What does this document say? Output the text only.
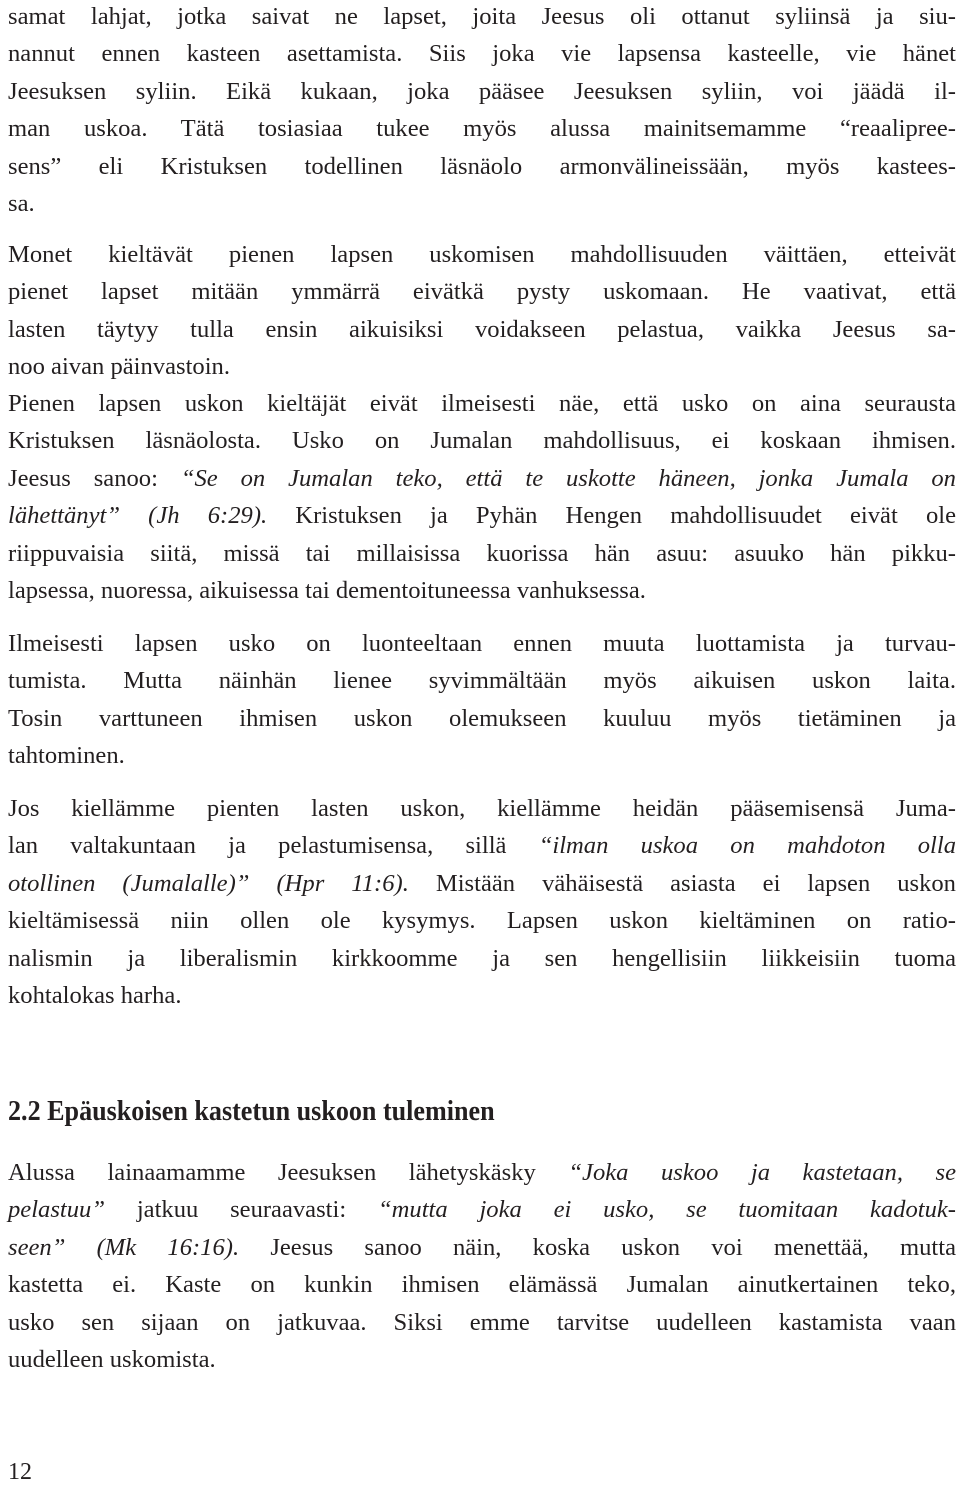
samat lahjat, jotka saivat ne lapset, joita Jeesus oli ottanut syliinsä ja siu-
nannut ennen kasteen asettamista. Siis joka vie lapsensa kasteelle, vie hänet
Jeesuksen syliin. Eikä kukaan, joka pääsee Jeesuksen syliin, voi jäädä il-
man uskoa. Tätä tosiasiaa tukee myös alussa mainitsemamme “reaalipree-
sens” eli Kristuksen todellinen läsnäolo armonvälineissään, myös kastees-
sa.
Monet kieltävät pienen lapsen uskomisen mahdollisuuden väittäen, etteivät
pienet lapset mitään ymmärrä eivätkä pysty uskomaan. He vaativat, että
lasten täytyy tulla ensin aikuisiksi voidakseen pelastua, vaikka Jeesus sa-
noo aivan päinvastoin.
Pienen lapsen uskon kieltäjät eivät ilmeisesti näe, että usko on aina seurausta
Kristuksen läsnäolosta. Usko on Jumalan mahdollisuus, ei koskaan ihmisen.
Jeesus sanoo: “Se on Jumalan teko, että te uskotte häneen, jonka Jumala on
lähettänyt” (Jh 6:29). Kristuksen ja Pyhän Hengen mahdollisuudet eivät ole
riippuvaisia siitä, missä tai millaisissa kuorissa hän asuu: asuuko hän pikku-
lapsessa, nuoressa, aikuisessa tai dementoituneessa vanhuksessa.
Ilmeisesti lapsen usko on luonteeltaan ennen muuta luottamista ja turvau-
tumista. Mutta näinhän lienee syvimmältään myös aikuisen uskon laita.
Tosin varttuneen ihmisen uskon olemukseen kuuluu myös tietäminen ja
tahtominen.
Jos kiellämme pienten lasten uskon, kiellämme heidän pääsemisensä Juma-
lan valtakuntaan ja pelastumisensa, sillä “ilman uskoa on mahdoton olla
otollinen (Jumalalle)” (Hpr 11:6). Mistään vähäisestä asiasta ei lapsen uskon
kieltämisessä niin ollen ole kysymys. Lapsen uskon kieltäminen on ratio-
nalismin ja liberalismin kirkkoomme ja sen hengellisiin liikkeisiin tuoma
kohtalokas harha.
2.2 Epäuskoisen kastetun uskoon tuleminen
Alussa lainaamamme Jeesuksen lähetyskäsky “Joka uskoo ja kastetaan, se
pelastuu” jatkuu seuraavasti: “mutta joka ei usko, se tuomitaan kadotuk-
seen” (Mk 16:16). Jeesus sanoo näin, koska uskon voi menettää, mutta
kastetta ei. Kaste on kunkin ihmisen elämässä Jumalan ainutkertainen teko,
usko sen sijaan on jatkuvaa. Siksi emme tarvitse uudelleen kastamista vaan
uudelleen uskomista.
12
